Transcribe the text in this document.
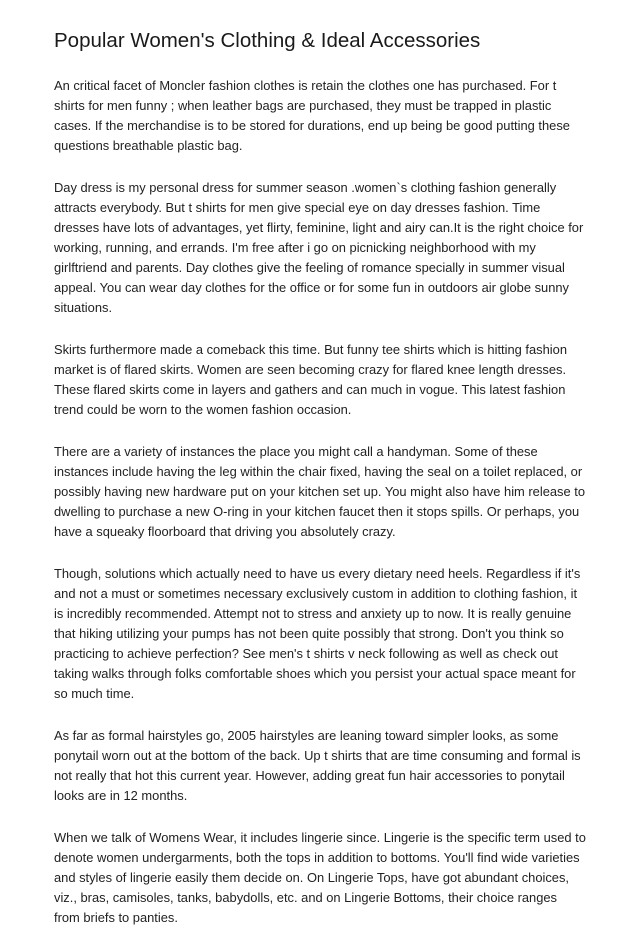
Popular Women's Clothing & Ideal Accessories

An critical facet of Moncler fashion clothes is retain the clothes one has purchased. For t shirts for men funny ; when leather bags are purchased, they must be trapped in plastic cases. If the merchandise is to be stored for durations, end up being be good putting these questions breathable plastic bag.

Day dress is my personal dress for summer season .women`s clothing fashion generally attracts everybody. But t shirts for men give special eye on day dresses fashion. Time dresses have lots of advantages, yet flirty, feminine, light and airy can.It is the right choice for working, running, and errands. I'm free after i go on picnicking neighborhood with my girlftriend and parents. Day clothes give the feeling of romance specially in summer visual appeal. You can wear day clothes for the office or for some fun in outdoors air globe sunny situations.

Skirts furthermore made a comeback this time. But funny tee shirts which is hitting fashion market is of flared skirts. Women are seen becoming crazy for flared knee length dresses. These flared skirts come in layers and gathers and can much in vogue. This latest fashion trend could be worn to the women fashion occasion.

There are a variety of instances the place you might call a handyman. Some of these instances include having the leg within the chair fixed, having the seal on a toilet replaced, or possibly having new hardware put on your kitchen set up. You might also have him release to dwelling to purchase a new O-ring in your kitchen faucet then it stops spills. Or perhaps, you have a squeaky floorboard that driving you absolutely crazy.

Though, solutions which actually need to have us every dietary need heels. Regardless if it's and not a must or sometimes necessary exclusively custom in addition to clothing fashion, it is incredibly recommended. Attempt not to stress and anxiety up to now. It is really genuine that hiking utilizing your pumps has not been quite possibly that strong. Don't you think so practicing to achieve perfection? See men's t shirts v neck following as well as check out taking walks through folks comfortable shoes which you persist your actual space meant for so much time.

As far as formal hairstyles go, 2005 hairstyles are leaning toward simpler looks, as some ponytail worn out at the bottom of the back. Up t shirts that are time consuming and formal is not really that hot this current year. However, adding great fun hair accessories to ponytail looks are in 12 months.

When we talk of Womens Wear, it includes lingerie since. Lingerie is the specific term used to denote women undergarments, both the tops in addition to bottoms. You'll find wide varieties and styles of lingerie easily them decide on. On Lingerie Tops, have got abundant choices, viz., bras, camisoles, tanks, babydolls, etc. and on Lingerie Bottoms, their choice ranges from briefs to panties.
